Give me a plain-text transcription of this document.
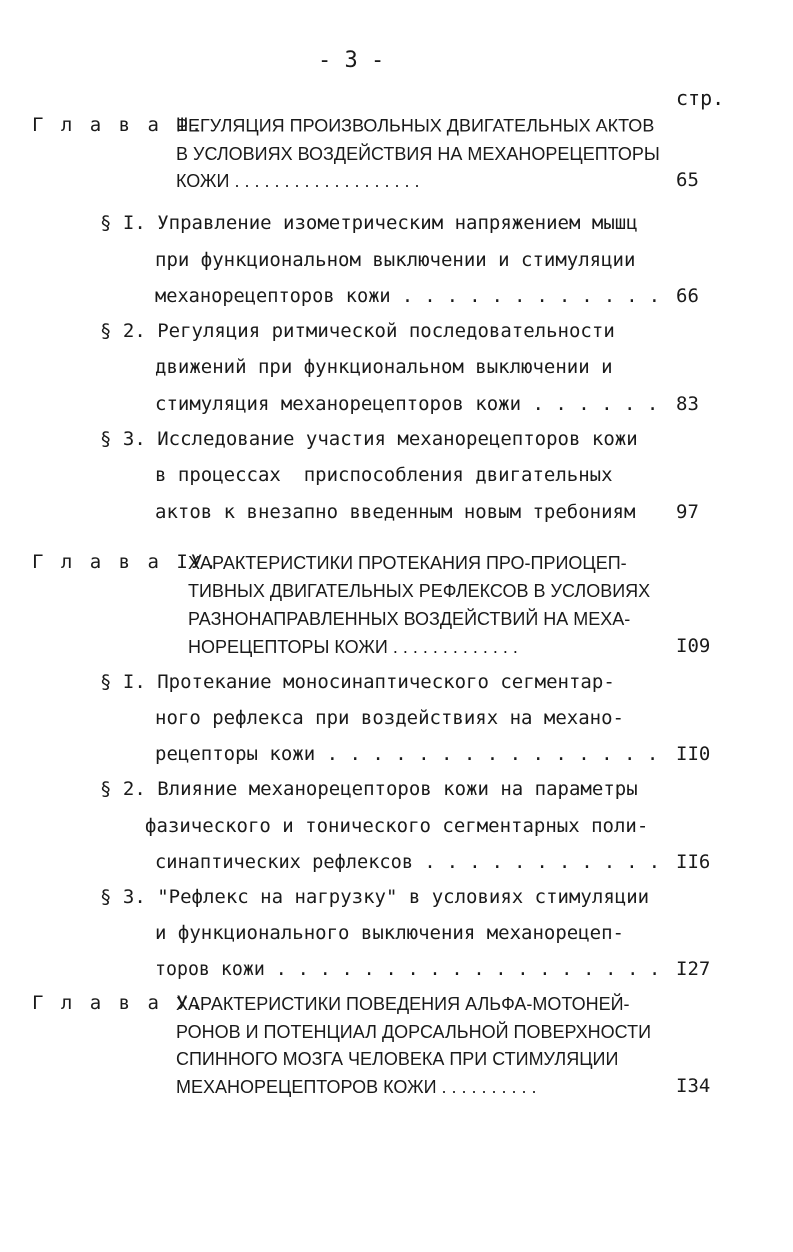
- 3 -
стр.
Г л а в а Ш.
РЕГУЛЯЦИЯ ПРОИЗВОЛЬНЫХ ДВИГАТЕЛЬНЫХ АКТОВ
В УСЛОВИЯХ ВОЗДЕЙСТВИЯ НА МЕХАНОРЕЦЕПТОРЫ
КОЖИ . . . . . . . . . . . . . . . . . . .	65
§ I. Управление изометрическим напряжением мышц
при функциональном выключении и стимуляции
механорецепторов кожи . . . . . . . . . . . . 66
§ 2. Регуляция ритмической последовательности
движений при функциональном выключении и
стимуляция механорецепторов кожи . . . . . . 83
§ 3. Исследование участия механорецепторов кожи
в процессах  приспособления двигательных
актов к внезапно введенным новым требониям 97
Г л а в а IУ.
ХАРАКТЕРИСТИКИ ПРОТЕКАНИЯ ПРО-ПРИОЦЕП-
ТИВНЫХ ДВИГАТЕЛЬНЫХ РЕФЛЕКСОВ В УСЛОВИЯХ
РАЗНОНАПРАВЛЕННЫХ ВОЗДЕЙСТВИЙ НА МЕХА-
НОРЕЦЕПТОРЫ КОЖИ . . . . . . . . . . . . .	I09
§ I. Протекание моносинаптического сегментар-
ного рефлекса при воздействиях на механо-
рецепторы кожи . . . . . . . . . . . . . . . II0
§ 2. Влияние механорецепторов кожи на параметры
фазического и тонического сегментарных поли-
синаптических рефлексов . . . . . . . . . . . II6
§ 3. "Рефлекс на нагрузку" в условиях стимуляции
и функционального выключения механорецеп-
торов кожи . . . . . . . . . . . . . . . . . . I27
Г л а в а У.
ХАРАКТЕРИСТИКИ ПОВЕДЕНИЯ АЛЬФА-МОТОНЕЙ-
РОНОВ И ПОТЕНЦИАЛ ДОРСАЛЬНОЙ ПОВЕРХНОСТИ
СПИННОГО МОЗГА ЧЕЛОВЕКА ПРИ СТИМУЛЯЦИИ
МЕХАНОРЕЦЕПТОРОВ КОЖИ . . . . . . . . . .	I34
